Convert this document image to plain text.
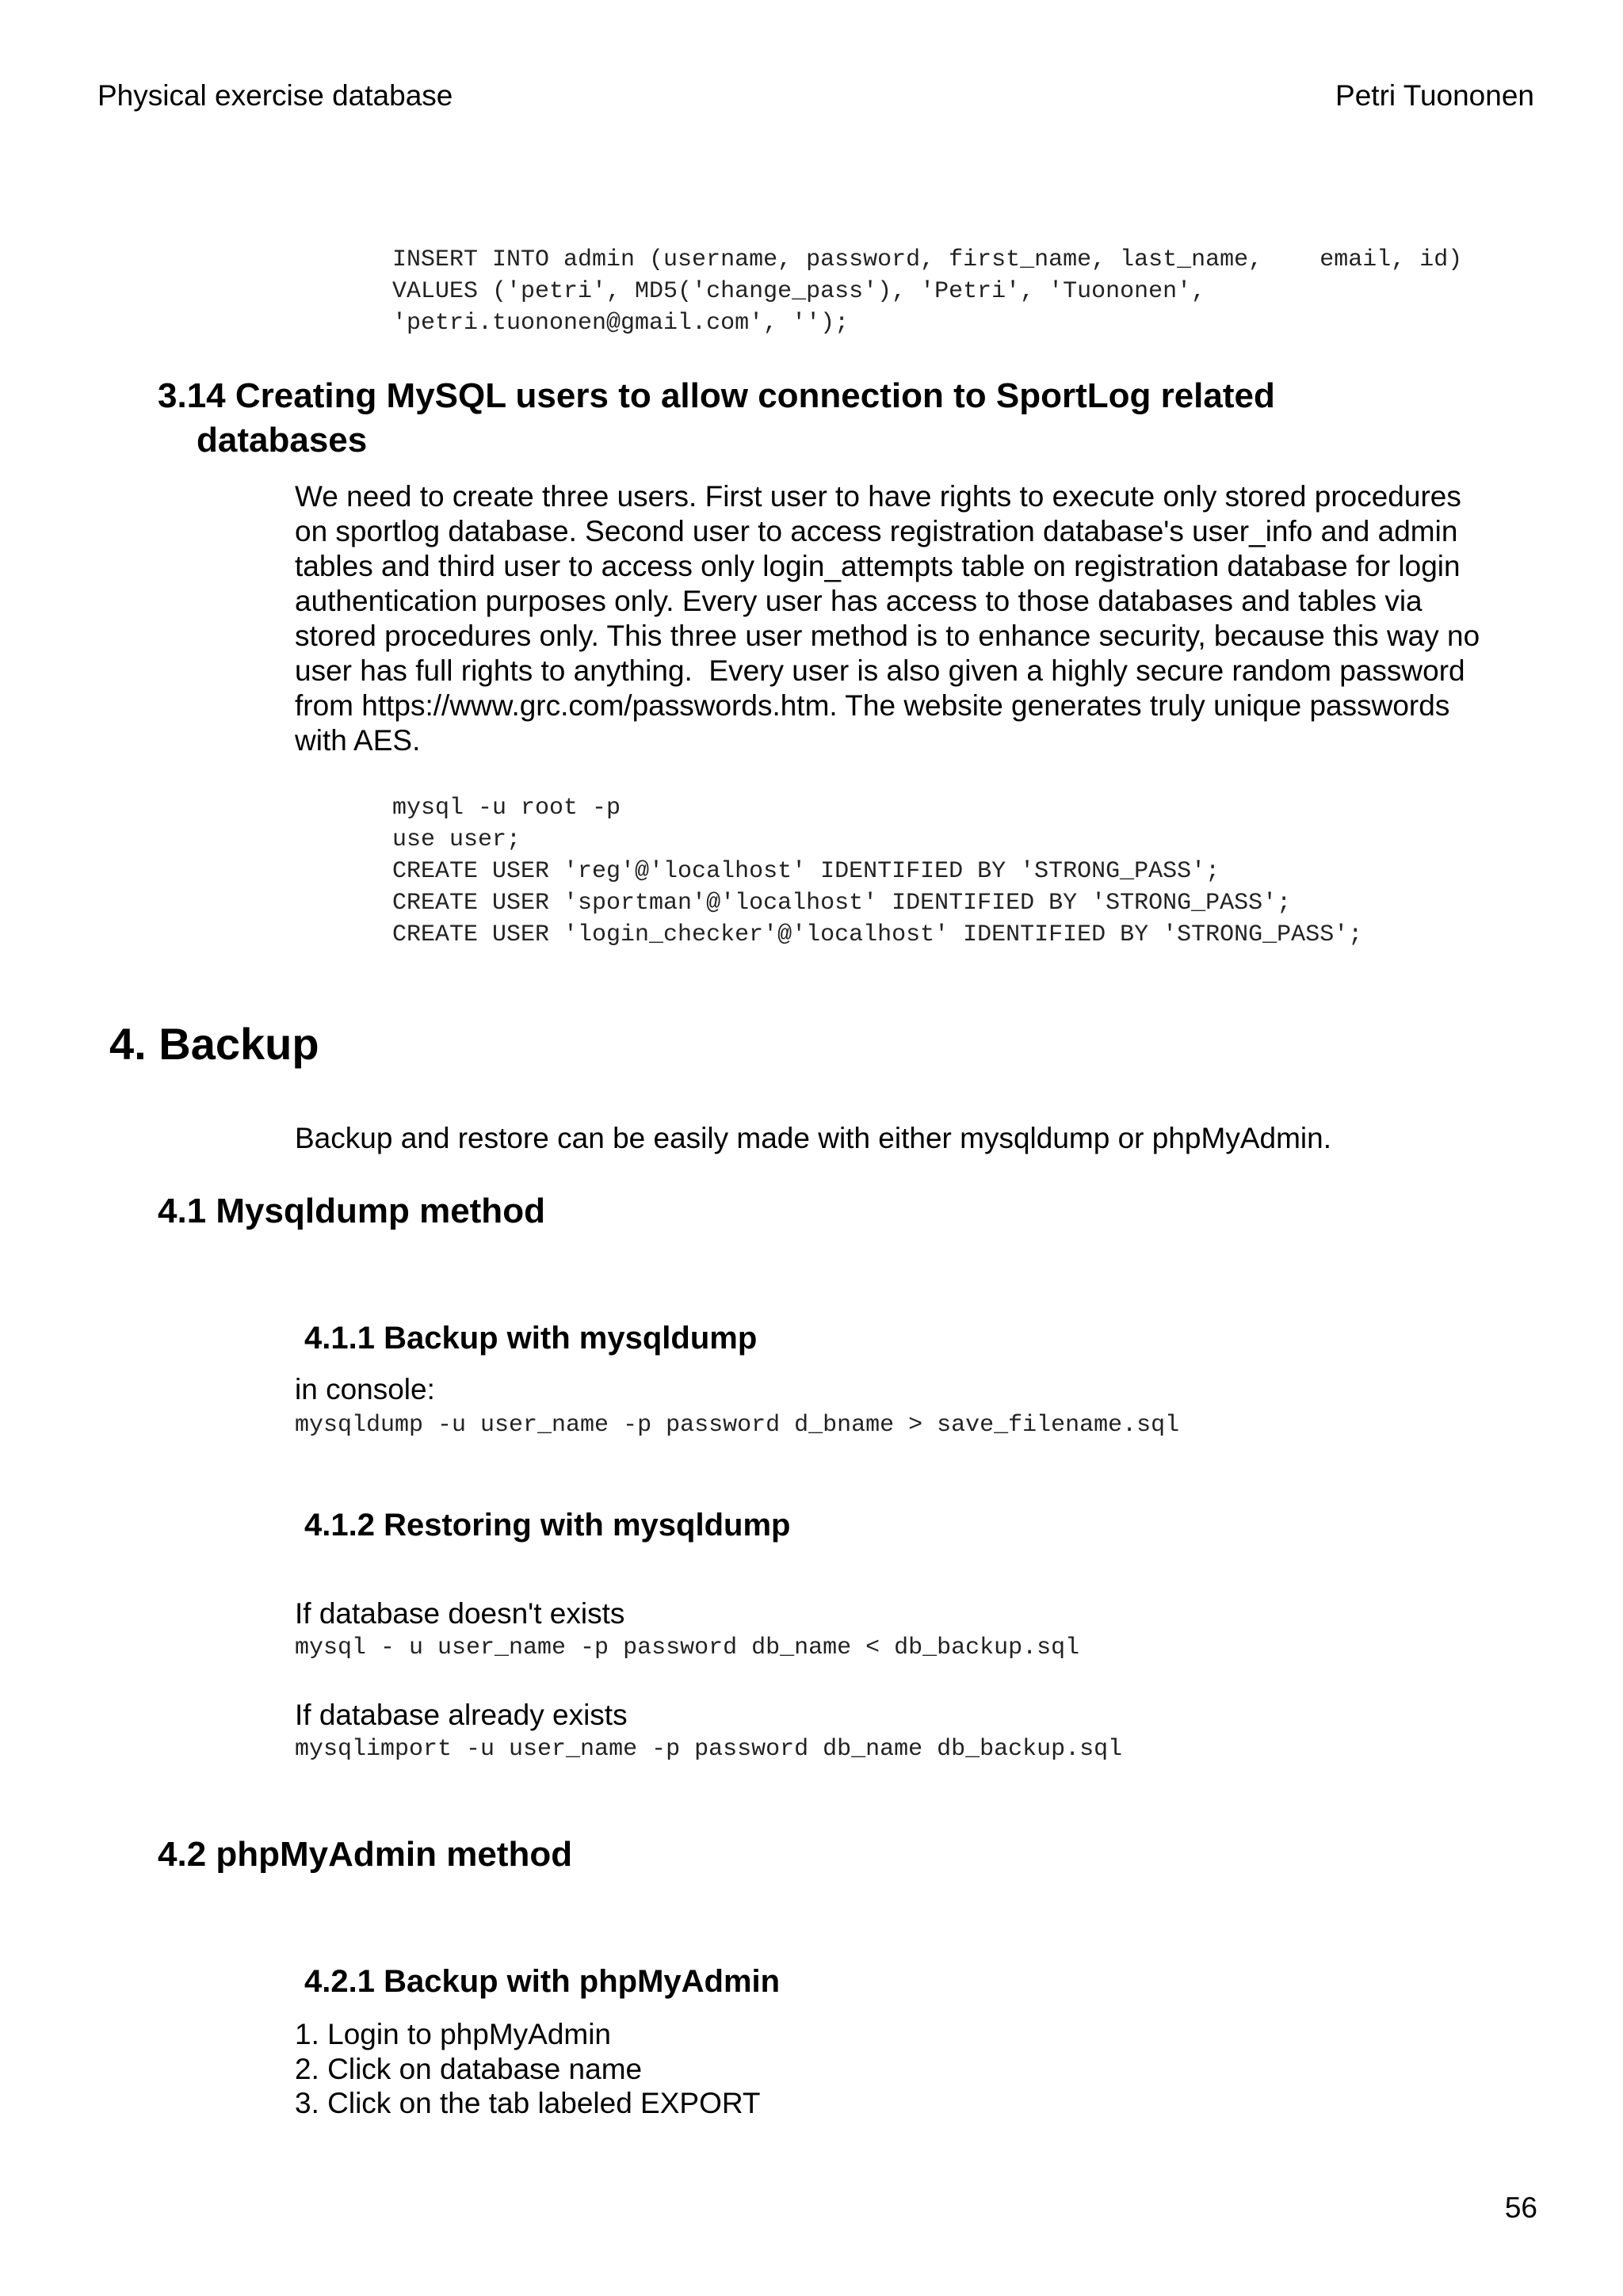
Physical exercise database	Petri Tuononen
INSERT INTO admin (username, password, first_name, last_name,    email, id)
VALUES ('petri', MD5('change_pass'), 'Petri', 'Tuononen',
'petri.tuononen@gmail.com', '');
3.14 Creating MySQL users to allow connection to SportLog related
databases
We need to create three users. First user to have rights to execute only stored procedures
on sportlog database. Second user to access registration database's user_info and admin
tables and third user to access only login_attempts table on registration database for login
authentication purposes only. Every user has access to those databases and tables via
stored procedures only. This three user method is to enhance security, because this way no
user has full rights to anything.  Every user is also given a highly secure random password
from https://www.grc.com/passwords.htm. The website generates truly unique passwords
with AES.
mysql -u root -p
use user;
CREATE USER 'reg'@'localhost' IDENTIFIED BY 'STRONG_PASS';
CREATE USER 'sportman'@'localhost' IDENTIFIED BY 'STRONG_PASS';
CREATE USER 'login_checker'@'localhost' IDENTIFIED BY 'STRONG_PASS';
4. Backup
Backup and restore can be easily made with either mysqldump or phpMyAdmin.
4.1 Mysqldump method
4.1.1 Backup with mysqldump
in console:
mysqldump -u user_name -p password d_bname > save_filename.sql
4.1.2 Restoring with mysqldump
If database doesn't exists
mysql - u user_name -p password db_name < db_backup.sql
If database already exists
mysqlimport -u user_name -p password db_name db_backup.sql
4.2 phpMyAdmin method
4.2.1 Backup with phpMyAdmin
1. Login to phpMyAdmin
2. Click on database name
3. Click on the tab labeled EXPORT
56
